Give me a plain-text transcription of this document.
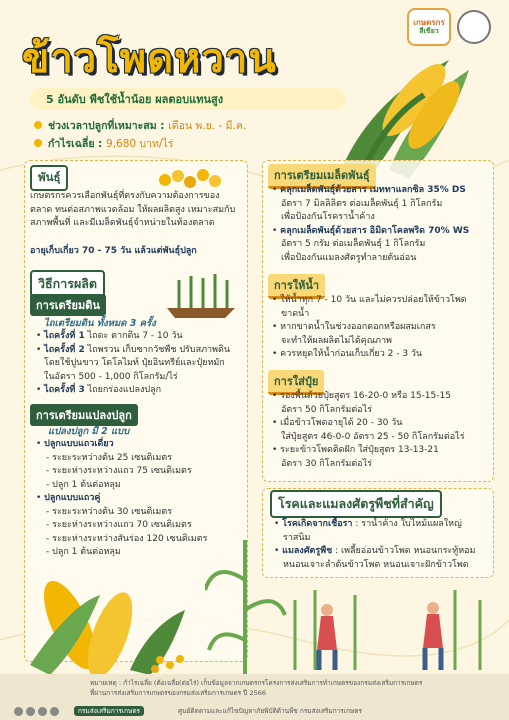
ข้าวโพดหวาน
เกษตรกร
สีเขียว
5 อันดับ พืชใช้น้ำน้อย ผลตอบแทนสูง
ช่วงเวลาปลูกที่เหมาะสม : เดือน พ.ย. - มี.ค.
กำไรเฉลี่ย : 9,680 บาท/ไร่
พันธุ์
เกษตรกรควรเลือกพันธุ์ที่ตรงกับความต้องการของตลาด ทนต่อสภาพแวดล้อม ให้ผลผลิตสูง เหมาะสมกับสภาพพื้นที่ และมีเมล็ดพันธุ์จำหน่ายในท้องตลาด
อายุเก็บเกี่ยว 70 - 75 วัน แล้วแต่พันธุ์ปลูก
วิธีการผลิต
การเตรียมดิน
ไถเตรียมดิน ทั้งหมด 3 ครั้ง
• ไถครั้งที่ 1 ไถดะ ตากดิน 7 - 10 วัน
• ไถครั้งที่ 2 ไถพรวน เก็บซากวัชพืช ปรับสภาพดิน
โดยใช้ปูนขาว โดโลไมท์ ปุ๋ยอินทรีย์และปุ๋ยหมัก
ในอัตรา 500 - 1,000 กิโลกรัม/ไร่
• ไถครั้งที่ 3 ไถยกร่องแปลงปลูก
การเตรียมแปลงปลูก
แปลงปลูก มี 2 แบบ
• ปลูกแบบแถวเดี่ยว
- ระยะระหว่างต้น 25 เซนติเมตร
- ระยะห่างระหว่างแถว 75 เซนติเมตร
- ปลูก 1 ต้นต่อหลุม
• ปลูกแบบแถวคู่
- ระยะระหว่างต้น 30 เซนติเมตร
- ระยะห่างระหว่างแถว 70 เซนติเมตร
- ระยะห่างระหว่างสันร่อง 120 เซนติเมตร
- ปลูก 1 ต้นต่อหลุม
การเตรียมเมล็ดพันธุ์
• คลุกเมล็ดพันธุ์ด้วยสาร เมททาแลกซิล 35% DS
อัตรา 7 มิลลิลิตร ต่อเมล็ดพันธุ์ 1 กิโลกรัม
เพื่อป้องกันโรคราน้ำค้าง
• คลุกเมล็ดพันธุ์ด้วยสาร อิมิดาโคลพริด 70% WS
อัตรา 5 กรัม ต่อเมล็ดพันธุ์ 1 กิโลกรัม
เพื่อป้องกันแมลงศัตรูทำลายต้นอ่อน
การให้น้ำ
• ให้น้ำทุก 7 - 10 วัน และไม่ควรปล่อยให้ข้าวโพด
ขาดน้ำ
• หากขาดน้ำในช่วงออกดอกหรือผสมเกสร
จะทำให้ผลผลิตไม่ได้คุณภาพ
• ควรหยุดให้น้ำก่อนเก็บเกี่ยว 2 - 3 วัน
การใส่ปุ๋ย
• รองพื้นด้วยปุ๋ยสูตร 16-20-0 หรือ 15-15-15
อัตรา 50 กิโลกรัมต่อไร่
• เมื่อข้าวโพดอายุได้ 20 - 30 วัน
ใส่ปุ๋ยสูตร 46-0-0 อัตรา 25 - 50 กิโลกรัมต่อไร่
• ระยะข้าวโพดติดฝัก ใส่ปุ๋ยสูตร 13-13-21
อัตรา 30 กิโลกรัมต่อไร่
โรคและแมลงศัตรูพืชที่สำคัญ
• โรคเกิดจากเชื้อรา : ราน้ำค้าง ใบไหม้แผลใหญ่
ราสนิม
• แมลงศัตรูพืช : เพลี้ยอ่อนข้าวโพด หนอนกระทู้หอม
หนอนเจาะลำต้นข้าวโพด หนอนเจาะฝักข้าวโพด
หมายเหตุ : กำไรเฉลี่ย (ต้อเฉลี่ย(ต่อไร่) เก็บข้อมูลจากเกษตรกรโครงการส่งเสริมการทำเกษตรของกรมส่งเสริมการเกษตร
ที่ผ่านการส่งเสริมการเกษตรของกรมส่งเสริมการเกษตร ปี 2566
กรมส่งเสริมการเกษตร	ศูนย์ติดตามและแก้ไขปัญหาภัยพิบัติด้านพืช กรมส่งเสริมการเกษตร
